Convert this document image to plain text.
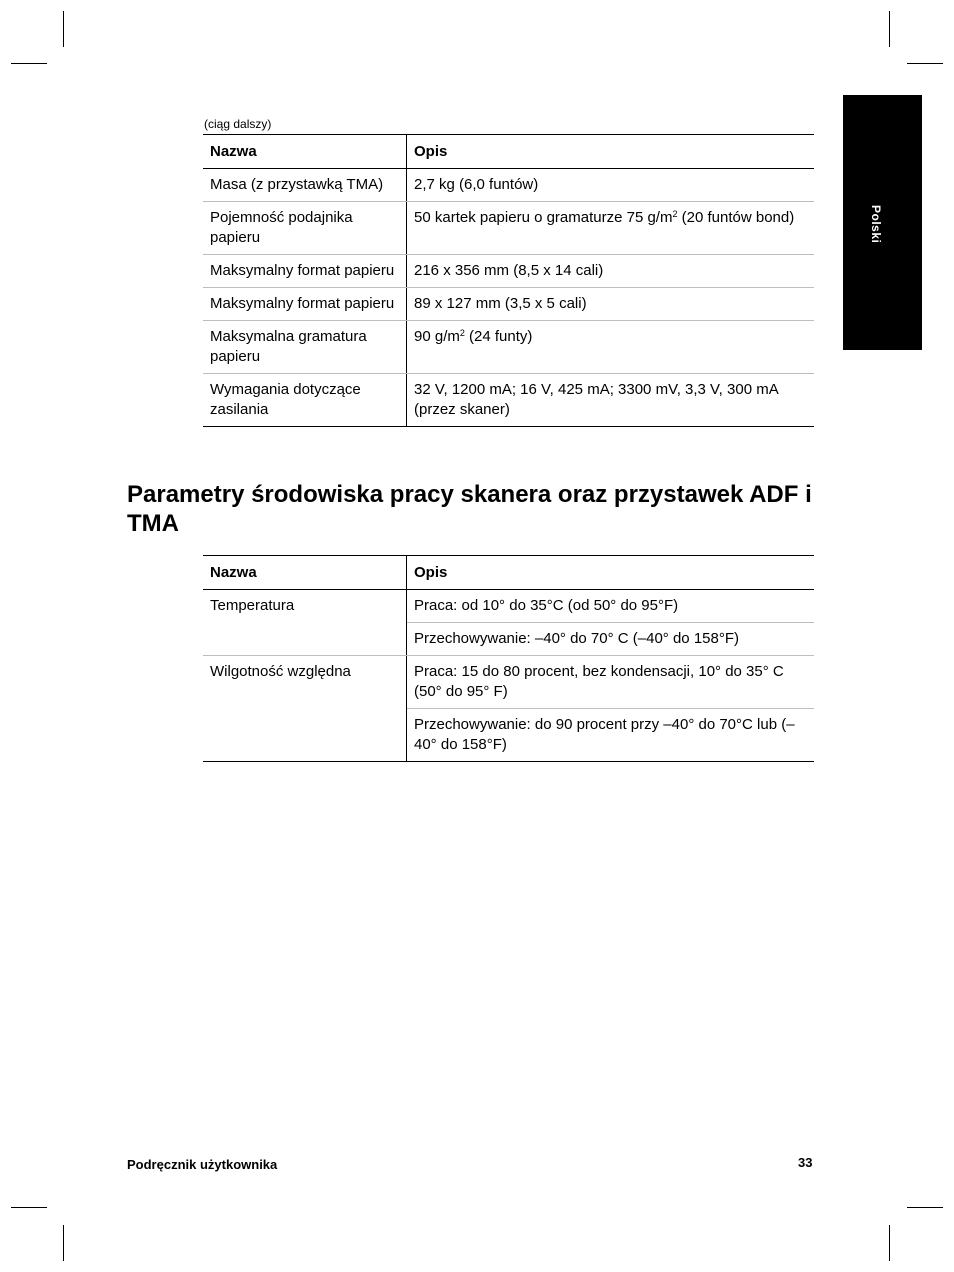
Polski
(ciąg dalszy)
Nazwa	Opis
Masa (z przystawką TMA)	2,7 kg (6,0 funtów)
Pojemność podajnika papieru	50 kartek papieru o gramaturze 75 $g/m^2$ (20 funtów bond)
Maksymalny format papieru	216 x 356 mm (8,5 x 14 cali)
Maksymalny format papieru	89 x 127 mm (3,5 x 5 cali)
Maksymalna gramatura papieru	90 $g/m^2$ (24 funty)
Wymagania dotyczące zasilania	32 V, 1200 mA; 16 V, 425 mA; 3300 mV, 3,3 V, 300 mA (przez skaner)
Parametry środowiska pracy skanera oraz przystawek ADF i TMA
Nazwa	Opis
Temperatura	Praca: od 10° do 35°C (od 50° do 95°F)
	Przechowywanie: –40° do 70° C (–40° do 158°F)
Wilgotność względna	Praca: 15 do 80 procent, bez kondensacji, 10° do 35° C (50° do 95° F)
	Przechowywanie: do 90 procent przy –40° do 70°C lub (–40° do 158°F)
Podręcznik użytkownika	33
